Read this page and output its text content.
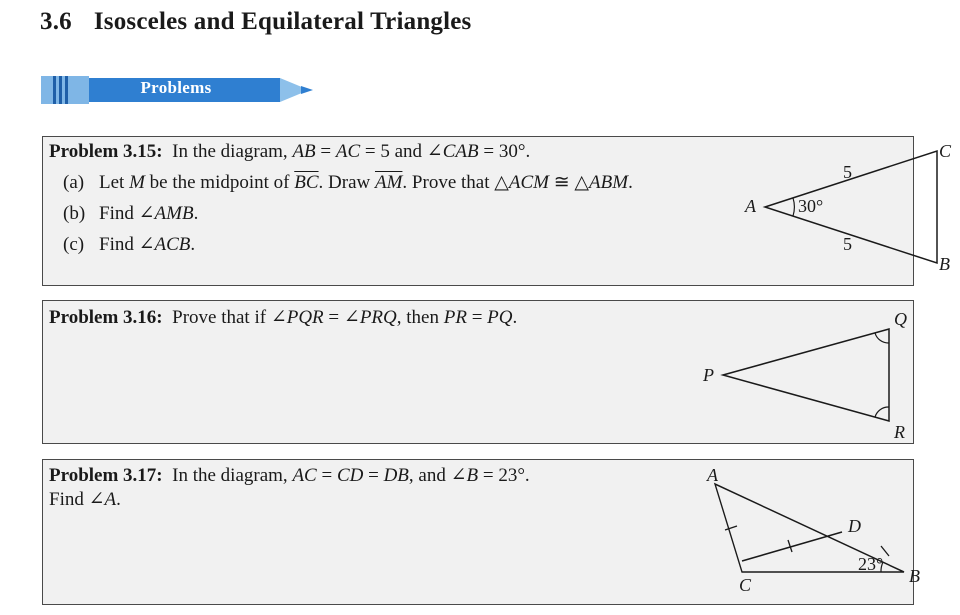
3.6 Isosceles and Equilateral Triangles
Problems
Problem 3.15:  In the diagram, AB = AC = 5 and ∠CAB = 30°.
(a) Let M be the midpoint of $\overline{BC}$. Draw $\overline{AM}$. Prove that △ACM ≅ △ABM.
(b) Find ∠AMB.
(c) Find ∠ACB.
A
B
C
5
5
30°
Problem 3.16:  Prove that if ∠PQR = ∠PRQ, then PR = PQ.
P
Q
R
Problem 3.17:  In the diagram, AC = CD = DB, and ∠B = 23°.
Find ∠A.
A
B
C
D
23°
